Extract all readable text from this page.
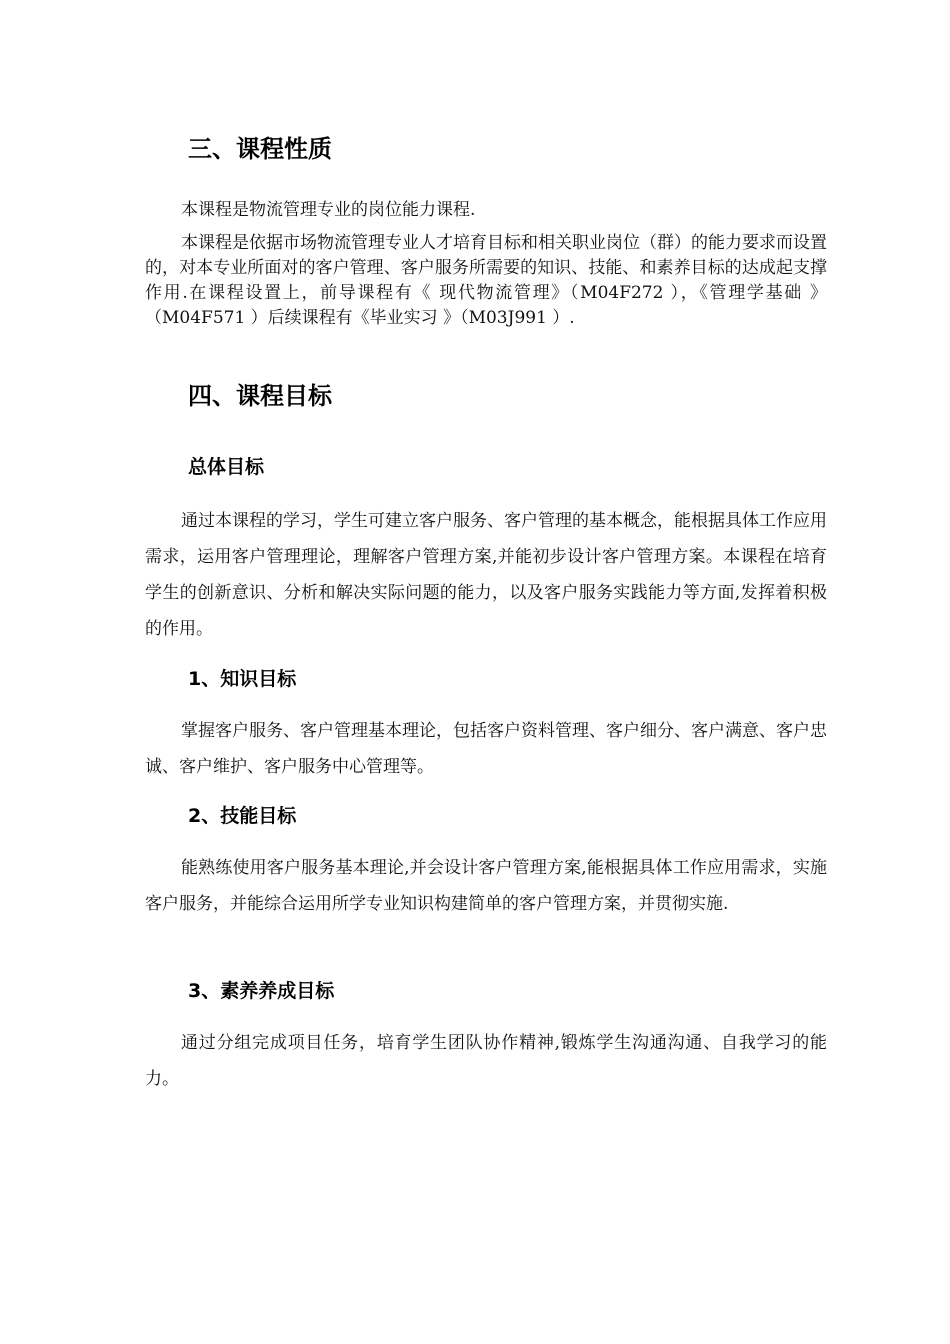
三、课程性质

本课程是物流管理专业的岗位能力课程.

本课程是依据市场物流管理专业人才培育目标和相关职业岗位（群）的能力要求而设置的，对本专业所面对的客户管理、客户服务所需要的知识、技能、和素养目标的达成起支撑作用.在课程设置上，前导课程有《 现代物流管理》（M04F272 ），《管理学基础 》（M04F571 ）后续课程有《毕业实习 》（M03J991 ）.

四、课程目标
总体目标

通过本课程的学习，学生可建立客户服务、客户管理的基本概念，能根据具体工作应用需求，运用客户管理理论，理解客户管理方案,并能初步设计客户管理方案。本课程在培育学生的创新意识、分析和解决实际问题的能力，以及客户服务实践能力等方面,发挥着积极的作用。

1、知识目标

掌握客户服务、客户管理基本理论，包括客户资料管理、客户细分、客户满意、客户忠诚、客户维护、客户服务中心管理等。

2、技能目标

能熟练使用客户服务基本理论,并会设计客户管理方案,能根据具体工作应用需求，实施客户服务，并能综合运用所学专业知识构建简单的客户管理方案，并贯彻实施.

3、素养养成目标

通过分组完成项目任务，培育学生团队协作精神,锻炼学生沟通沟通、自我学习的能力。
